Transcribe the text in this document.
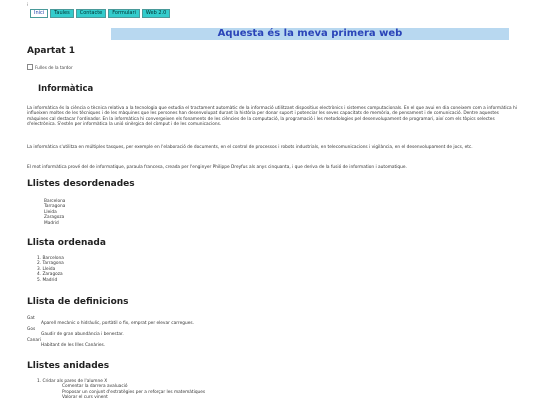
¡
Inici	Taules	Contacte	Formulari	Web 2.0
Aquesta és la meva primera web
Apartat 1
Fulles de la tardor
Informàtica

La informàtica és la ciència o tècnica relativa a la tecnologia que estudia el tractament automàtic de la informació utilitzant dispositius electrònics i sistemes computacionals. En el que avui en dia coneixem com a informàtica hi influeixen moltes de les tècniques i de les màquines que les persones han desenvolupat durant la història per donar suport i potenciar les seves capacitats de memòria, de pensament i de comunicació. Dentre aquestes màquines cal destacar l'ordinador. En la informàtica hi convergeixen els fonaments de les ciències de la computació, la programació i les metodologies pel desenvolupament de programari, així com els tòpics selectes d'electrònica. S'estén per informàtica la unió sinèrgica del còmput i de les comunicacions.

La informàtica s'utilitza en múltiples tasques, per exemple en l'elaboració de documents, en el control de processos i robots industrials, en telecomunicacions i vigilància, en el desenvolupament de jocs, etc.

El mot informàtica prové del de informatique, paraula francesa, creada per l'enginyer Philippe Dreyfus als anys cinquanta, i que deriva de la fusió de information i automatique.

Llistes desordenades
Barcelona
Tarragona
Lleida
Zaragoza
Madrid
Llista ordenada
1. Barcelona
2. Tarragona
3. Lleida
4. Zaragoza
5. Madrid
Llista de definicions
Gat
Aparell mecànic o hidràulic, portàtil o fix, emprat per elevar carregues.
Gos
Gaudir de gran abundància i benestar.
Canari
Habitant de les Illes Canàries.
Llistes anidades
1. Cridar als pares de l'alumne X
Comentar la darrera avaluació
Proposar un conjunt d'estratègies per a reforçar les matemàtiques
Valorar el curs vinent
